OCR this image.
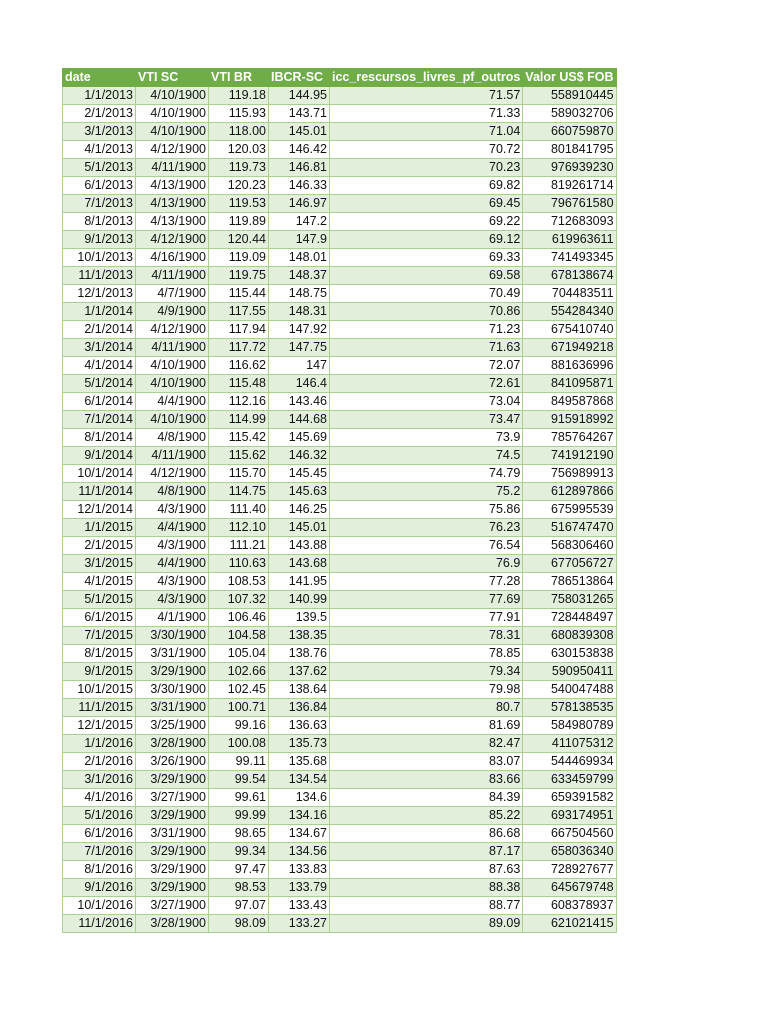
date	VTI SC	VTI BR	IBCR-SC	icc_rescursos_livres_pf_outros	Valor US$ FOB
1/1/2013	4/10/1900	119.18	144.95	71.57	558910445
2/1/2013	4/10/1900	115.93	143.71	71.33	589032706
3/1/2013	4/10/1900	118.00	145.01	71.04	660759870
4/1/2013	4/12/1900	120.03	146.42	70.72	801841795
5/1/2013	4/11/1900	119.73	146.81	70.23	976939230
6/1/2013	4/13/1900	120.23	146.33	69.82	819261714
7/1/2013	4/13/1900	119.53	146.97	69.45	796761580
8/1/2013	4/13/1900	119.89	147.2	69.22	712683093
9/1/2013	4/12/1900	120.44	147.9	69.12	619963611
10/1/2013	4/16/1900	119.09	148.01	69.33	741493345
11/1/2013	4/11/1900	119.75	148.37	69.58	678138674
12/1/2013	4/7/1900	115.44	148.75	70.49	704483511
1/1/2014	4/9/1900	117.55	148.31	70.86	554284340
2/1/2014	4/12/1900	117.94	147.92	71.23	675410740
3/1/2014	4/11/1900	117.72	147.75	71.63	671949218
4/1/2014	4/10/1900	116.62	147	72.07	881636996
5/1/2014	4/10/1900	115.48	146.4	72.61	841095871
6/1/2014	4/4/1900	112.16	143.46	73.04	849587868
7/1/2014	4/10/1900	114.99	144.68	73.47	915918992
8/1/2014	4/8/1900	115.42	145.69	73.9	785764267
9/1/2014	4/11/1900	115.62	146.32	74.5	741912190
10/1/2014	4/12/1900	115.70	145.45	74.79	756989913
11/1/2014	4/8/1900	114.75	145.63	75.2	612897866
12/1/2014	4/3/1900	111.40	146.25	75.86	675995539
1/1/2015	4/4/1900	112.10	145.01	76.23	516747470
2/1/2015	4/3/1900	111.21	143.88	76.54	568306460
3/1/2015	4/4/1900	110.63	143.68	76.9	677056727
4/1/2015	4/3/1900	108.53	141.95	77.28	786513864
5/1/2015	4/3/1900	107.32	140.99	77.69	758031265
6/1/2015	4/1/1900	106.46	139.5	77.91	728448497
7/1/2015	3/30/1900	104.58	138.35	78.31	680839308
8/1/2015	3/31/1900	105.04	138.76	78.85	630153838
9/1/2015	3/29/1900	102.66	137.62	79.34	590950411
10/1/2015	3/30/1900	102.45	138.64	79.98	540047488
11/1/2015	3/31/1900	100.71	136.84	80.7	578138535
12/1/2015	3/25/1900	99.16	136.63	81.69	584980789
1/1/2016	3/28/1900	100.08	135.73	82.47	411075312
2/1/2016	3/26/1900	99.11	135.68	83.07	544469934
3/1/2016	3/29/1900	99.54	134.54	83.66	633459799
4/1/2016	3/27/1900	99.61	134.6	84.39	659391582
5/1/2016	3/29/1900	99.99	134.16	85.22	693174951
6/1/2016	3/31/1900	98.65	134.67	86.68	667504560
7/1/2016	3/29/1900	99.34	134.56	87.17	658036340
8/1/2016	3/29/1900	97.47	133.83	87.63	728927677
9/1/2016	3/29/1900	98.53	133.79	88.38	645679748
10/1/2016	3/27/1900	97.07	133.43	88.77	608378937
11/1/2016	3/28/1900	98.09	133.27	89.09	621021415
